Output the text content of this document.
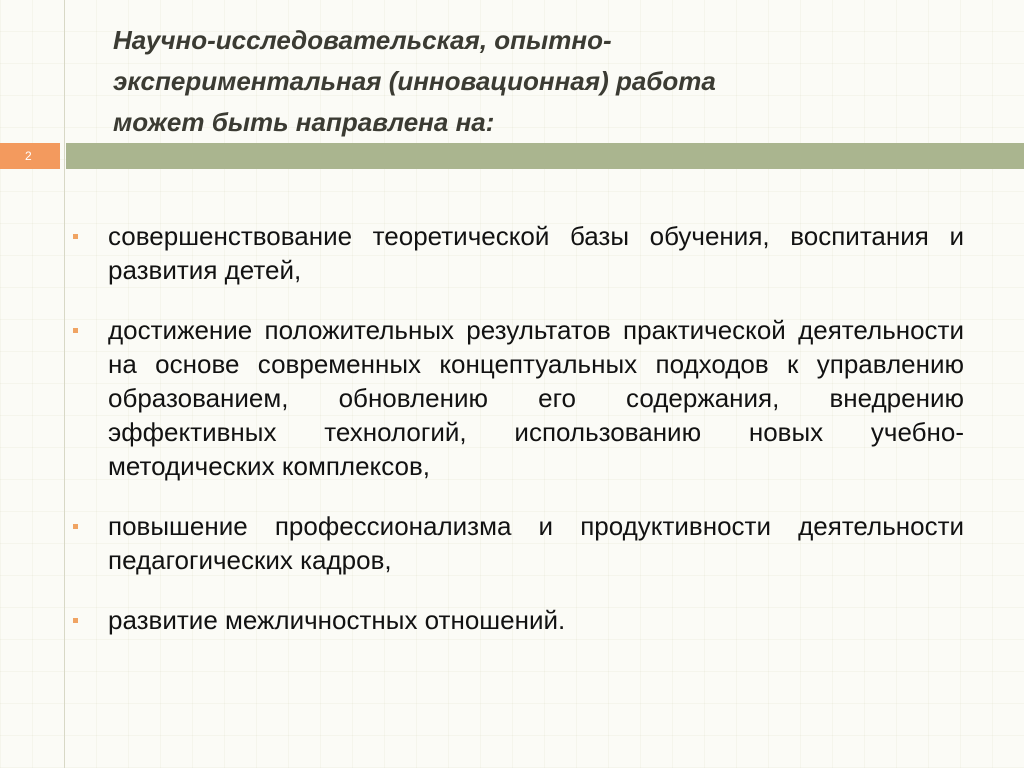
Научно-исследовательская, опытно-
экспериментальная (инновационная) работа
может быть направлена на:
2
совершенствование теоретической базы обучения, воспитания и развития детей,
достижение положительных результатов практической деятельности на основе современных концептуальных подходов к управлению образованием, обновлению его содержания, внедрению эффективных технологий, использованию новых учебно-методических комплексов,
повышение профессионализма и продуктивности деятельности педагогических кадров,
развитие межличностных отношений.
